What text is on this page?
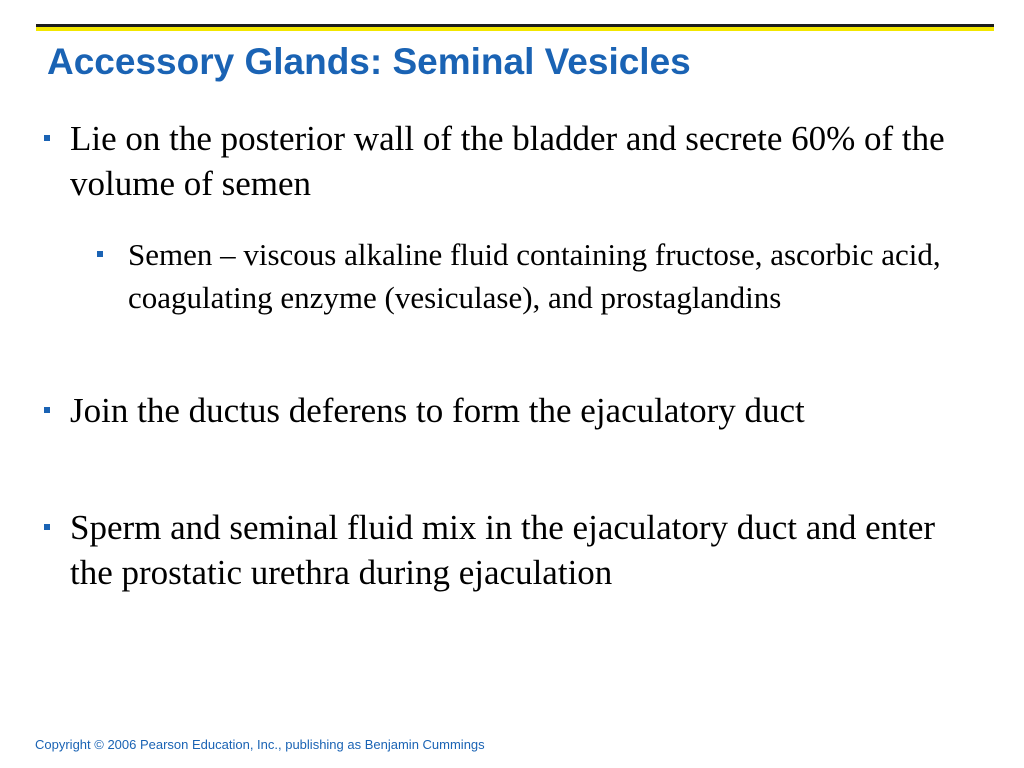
Accessory Glands: Seminal Vesicles

Lie on the posterior wall of the bladder and secrete 60% of the volume of semen

Semen – viscous alkaline fluid containing fructose, ascorbic acid, coagulating enzyme (vesiculase), and prostaglandins

Join the ductus deferens to form the ejaculatory duct

Sperm and seminal fluid mix in the ejaculatory duct and enter the prostatic urethra during ejaculation

Copyright © 2006 Pearson Education, Inc., publishing as Benjamin Cummings
